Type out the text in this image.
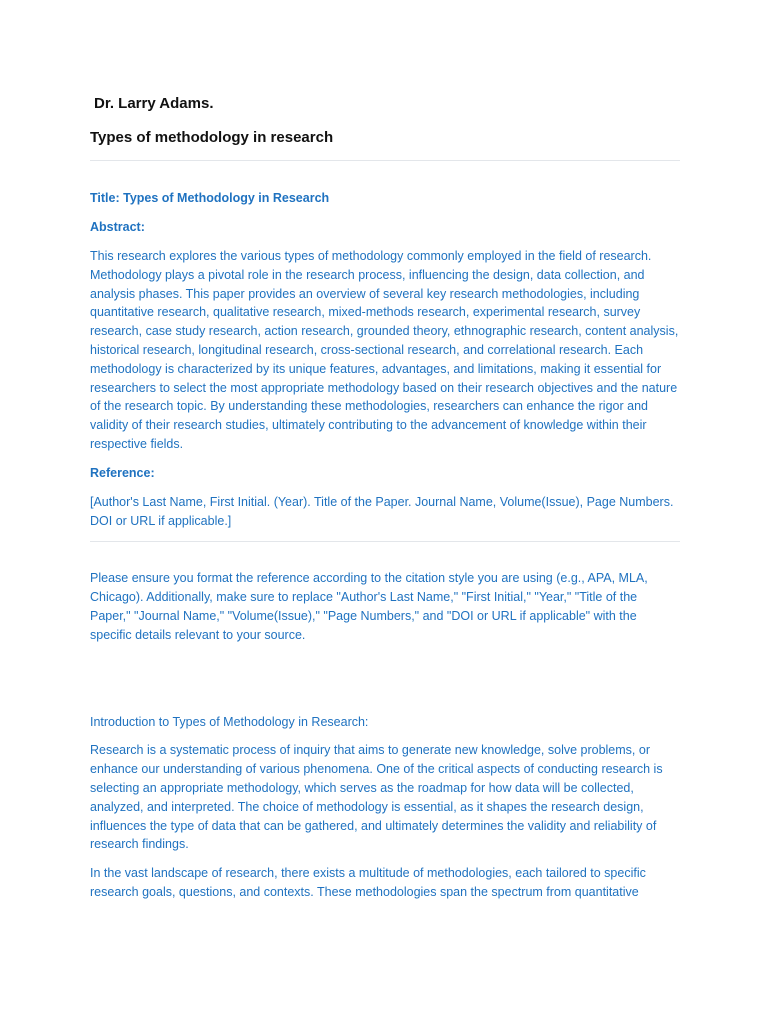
Dr. Larry Adams.
Types of methodology in research
Title: Types of Methodology in Research
Abstract:

This research explores the various types of methodology commonly employed in the field of research. Methodology plays a pivotal role in the research process, influencing the design, data collection, and analysis phases. This paper provides an overview of several key research methodologies, including quantitative research, qualitative research, mixed-methods research, experimental research, survey research, case study research, action research, grounded theory, ethnographic research, content analysis, historical research, longitudinal research, cross-sectional research, and correlational research. Each methodology is characterized by its unique features, advantages, and limitations, making it essential for researchers to select the most appropriate methodology based on their research objectives and the nature of the research topic. By understanding these methodologies, researchers can enhance the rigor and validity of their research studies, ultimately contributing to the advancement of knowledge within their respective fields.

Reference:

[Author's Last Name, First Initial. (Year). Title of the Paper. Journal Name, Volume(Issue), Page Numbers. DOI or URL if applicable.]

Please ensure you format the reference according to the citation style you are using (e.g., APA, MLA, Chicago). Additionally, make sure to replace "Author's Last Name," "First Initial," "Year," "Title of the Paper," "Journal Name," "Volume(Issue)," "Page Numbers," and "DOI or URL if applicable" with the specific details relevant to your source.

Introduction to Types of Methodology in Research:

Research is a systematic process of inquiry that aims to generate new knowledge, solve problems, or enhance our understanding of various phenomena. One of the critical aspects of conducting research is selecting an appropriate methodology, which serves as the roadmap for how data will be collected, analyzed, and interpreted. The choice of methodology is essential, as it shapes the research design, influences the type of data that can be gathered, and ultimately determines the validity and reliability of research findings.

In the vast landscape of research, there exists a multitude of methodologies, each tailored to specific research goals, questions, and contexts. These methodologies span the spectrum from quantitative
